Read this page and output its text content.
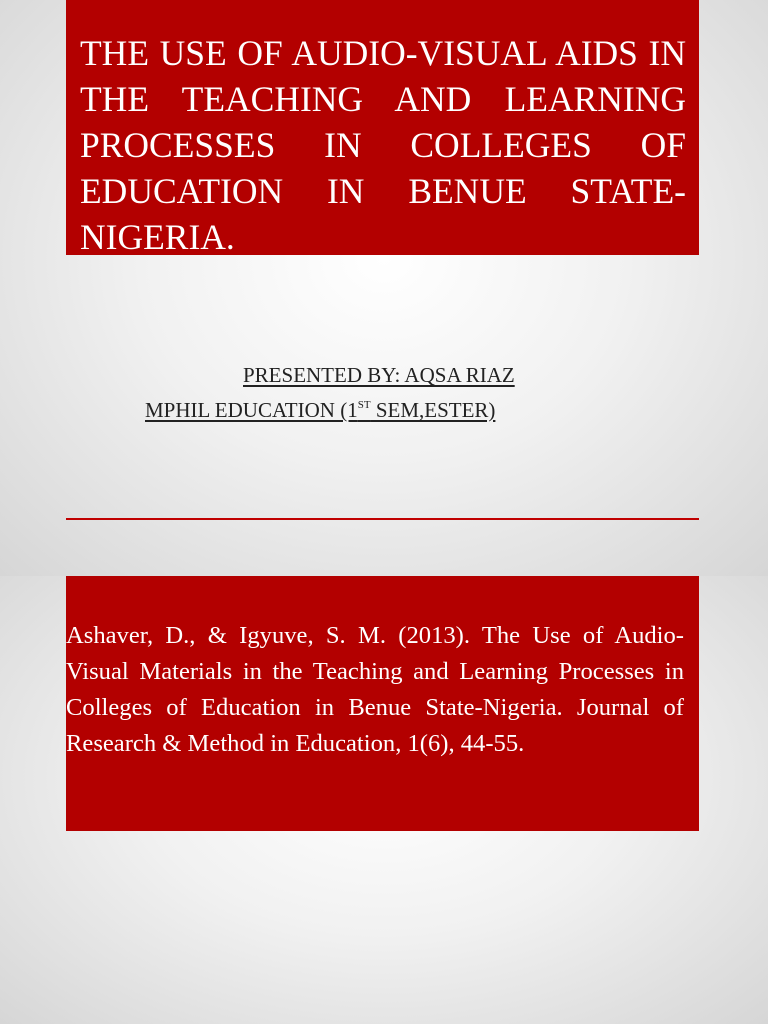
THE USE OF AUDIO-VISUAL AIDS IN THE TEACHING AND LEARNING PROCESSES IN COLLEGES OF EDUCATION IN BENUE STATE-NIGERIA.

PRESENTED BY: AQSA RIAZ
MPHIL EDUCATION (1ST SEM,ESTER)

Ashaver, D., & Igyuve, S. M. (2013). The Use of Audio-Visual Materials in the Teaching and Learning Processes in Colleges of Education in Benue State-Nigeria. Journal of Research & Method in Education, 1(6), 44-55.
